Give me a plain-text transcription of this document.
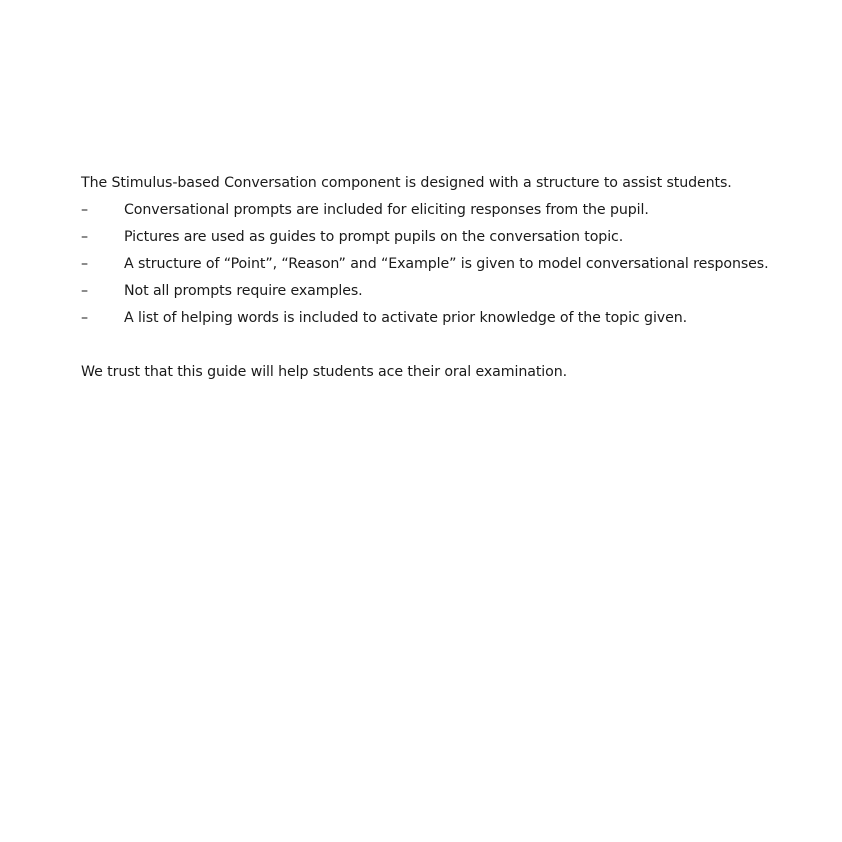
The Stimulus-based Conversation component is designed with a structure to assist students.

–	Conversational prompts are included for eliciting responses from the pupil.
–	Pictures are used as guides to prompt pupils on the conversation topic.
–	A structure of “Point”, “Reason” and “Example” is given to model conversational responses.
–	Not all prompts require examples.
–	A list of helping words is included to activate prior knowledge of the topic given.

We trust that this guide will help students ace their oral examination.
